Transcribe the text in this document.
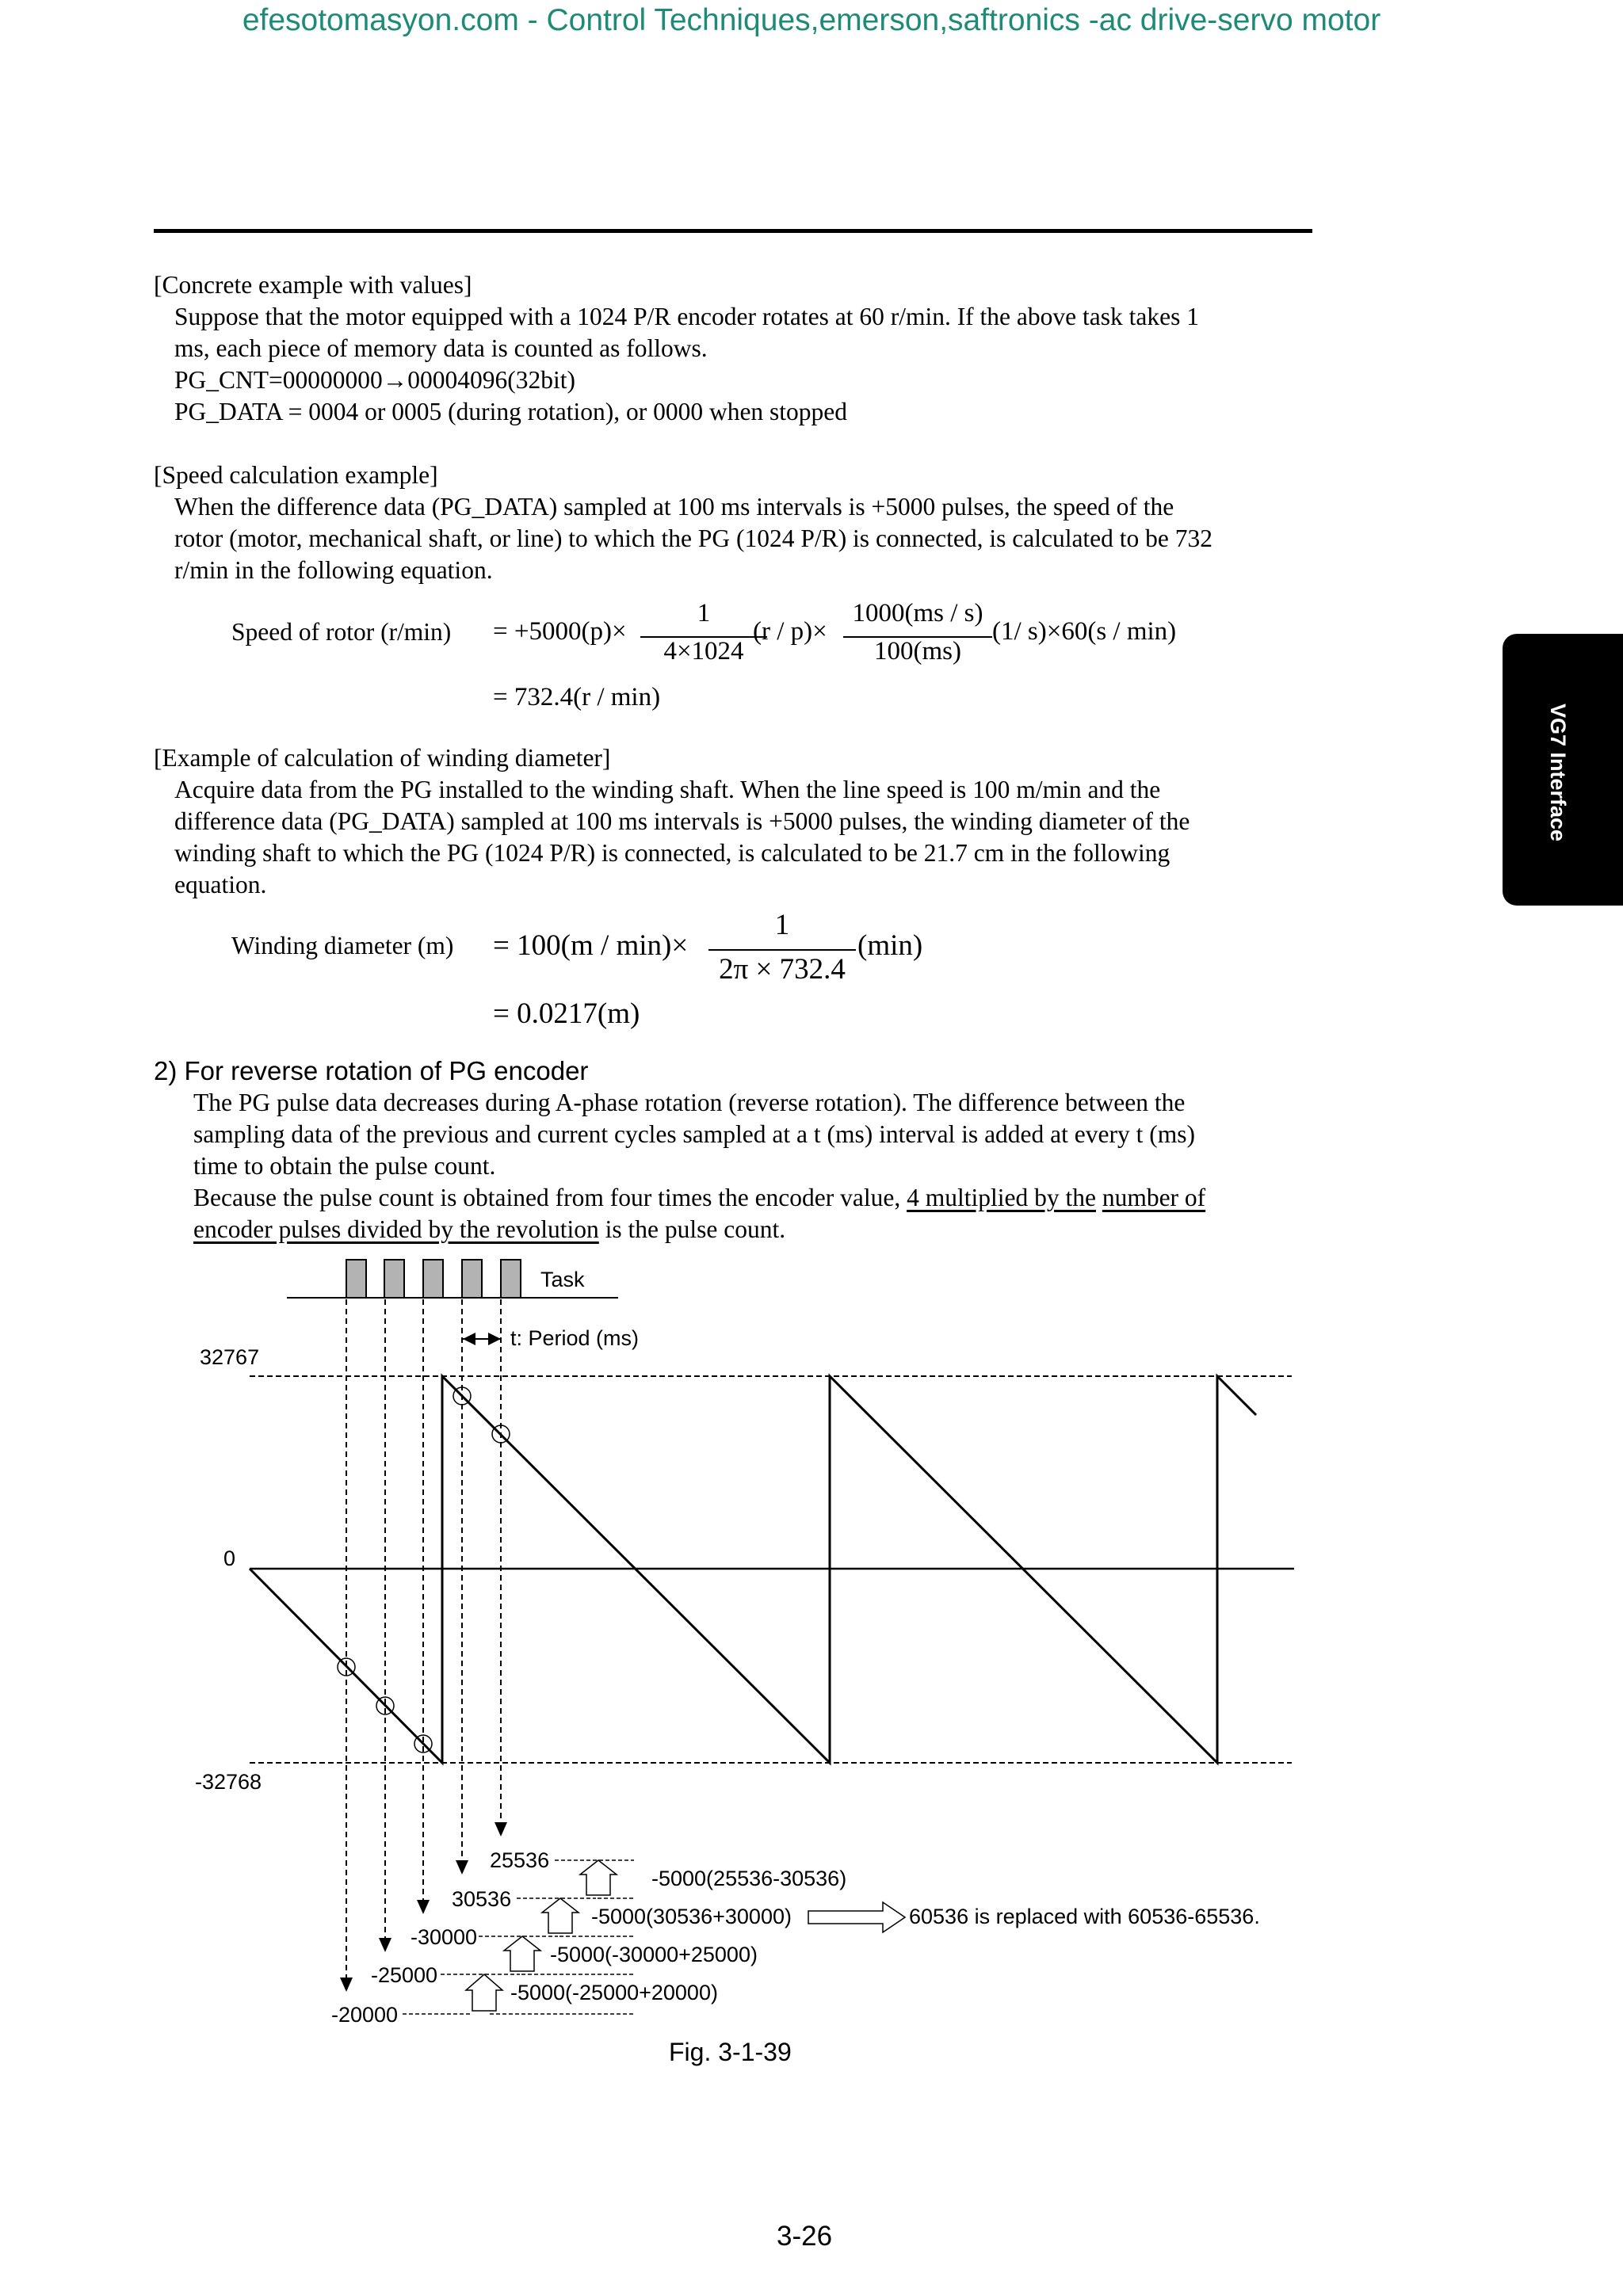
efesotomasyon.com - Control Techniques,emerson,saftronics -ac drive-servo motor
VG7 Interface
[Concrete example with values]
Suppose that the motor equipped with a 1024 P/R encoder rotates at 60 r/min. If the above task takes 1
ms, each piece of memory data is counted as follows.
PG_CNT=00000000→00004096(32bit)
PG_DATA = 0004 or 0005 (during rotation), or 0000 when stopped
[Speed calculation example]
When the difference data (PG_DATA) sampled at 100 ms intervals is +5000 pulses, the speed of the
rotor (motor, mechanical shaft, or line) to which the PG (1024 P/R) is connected, is calculated to be 732
r/min in the following equation.
Speed of rotor (r/min) = +5000(p)×
1
4×1024
(r / p)×
1000(ms / s)
100(ms)
(1/ s)×60(s / min)
= 732.4(r / min)
[Example of calculation of winding diameter]
Acquire data from the PG installed to the winding shaft. When the line speed is 100 m/min and the
difference data (PG_DATA) sampled at 100 ms intervals is +5000 pulses, the winding diameter of the
winding shaft to which the PG (1024 P/R) is connected, is calculated to be 21.7 cm in the following
equation.
Winding diameter (m) = 100(m / min)×
1
2π × 732.4
(min)
= 0.0217(m)
2) For reverse rotation of PG encoder
The PG pulse data decreases during A-phase rotation (reverse rotation). The difference between the
sampling data of the previous and current cycles sampled at a t (ms) interval is added at every t (ms)
time to obtain the pulse count.
Because the pulse count is obtained from four times the encoder value, 4 multiplied by the number of
encoder pulses divided by the revolution is the pulse count.
Task
t: Period (ms)
32767
0
-32768
25536
30536
-30000
-25000
-20000
-5000(25536-30536)
-5000(30536+30000)
-5000(-30000+25000)
-5000(-25000+20000)
60536 is replaced with 60536-65536.
Fig. 3-1-39
3-26
